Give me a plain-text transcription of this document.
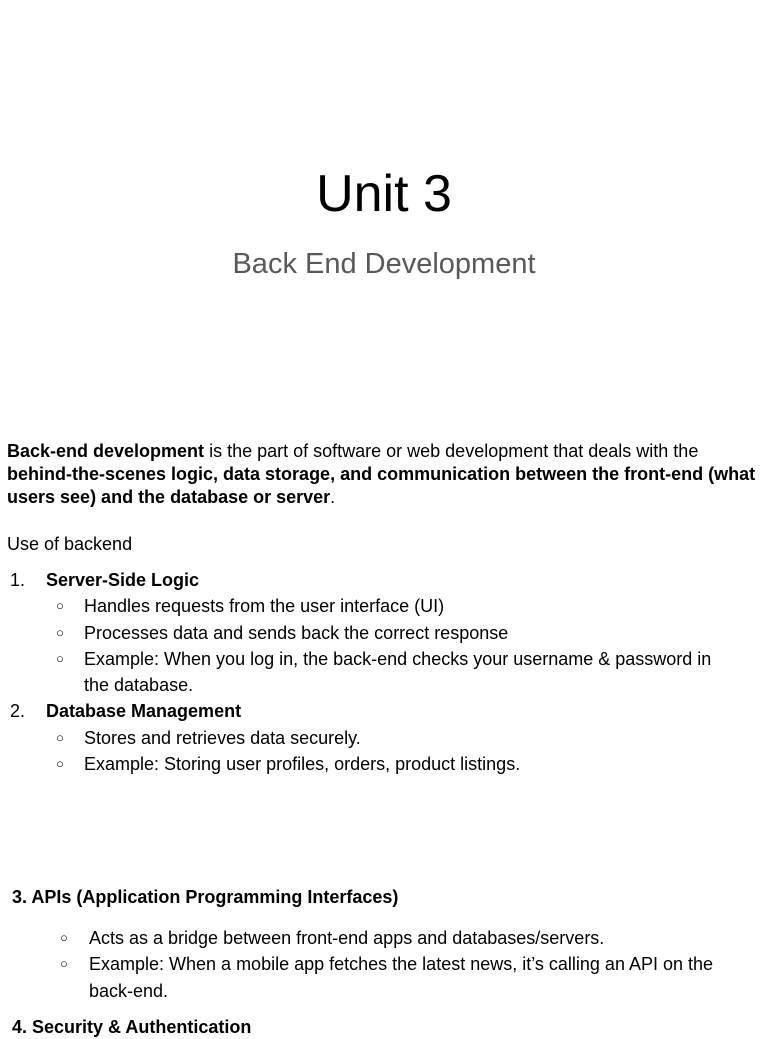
Unit 3
Back End Development

Back-end development is the part of software or web development that deals with the behind-the-scenes logic, data storage, and communication between the front-end (what users see) and the database or server.

Use of backend

1. Server-Side Logic
○ Handles requests from the user interface (UI)
○ Processes data and sends back the correct response
○ Example: When you log in, the back-end checks your username & password in the database.
2. Database Management
○ Stores and retrieves data securely.
○ Example: Storing user profiles, orders, product listings.

3. APIs (Application Programming Interfaces)

○ Acts as a bridge between front-end apps and databases/servers.
○ Example: When a mobile app fetches the latest news, it’s calling an API on the back-end.

4. Security & Authentication
